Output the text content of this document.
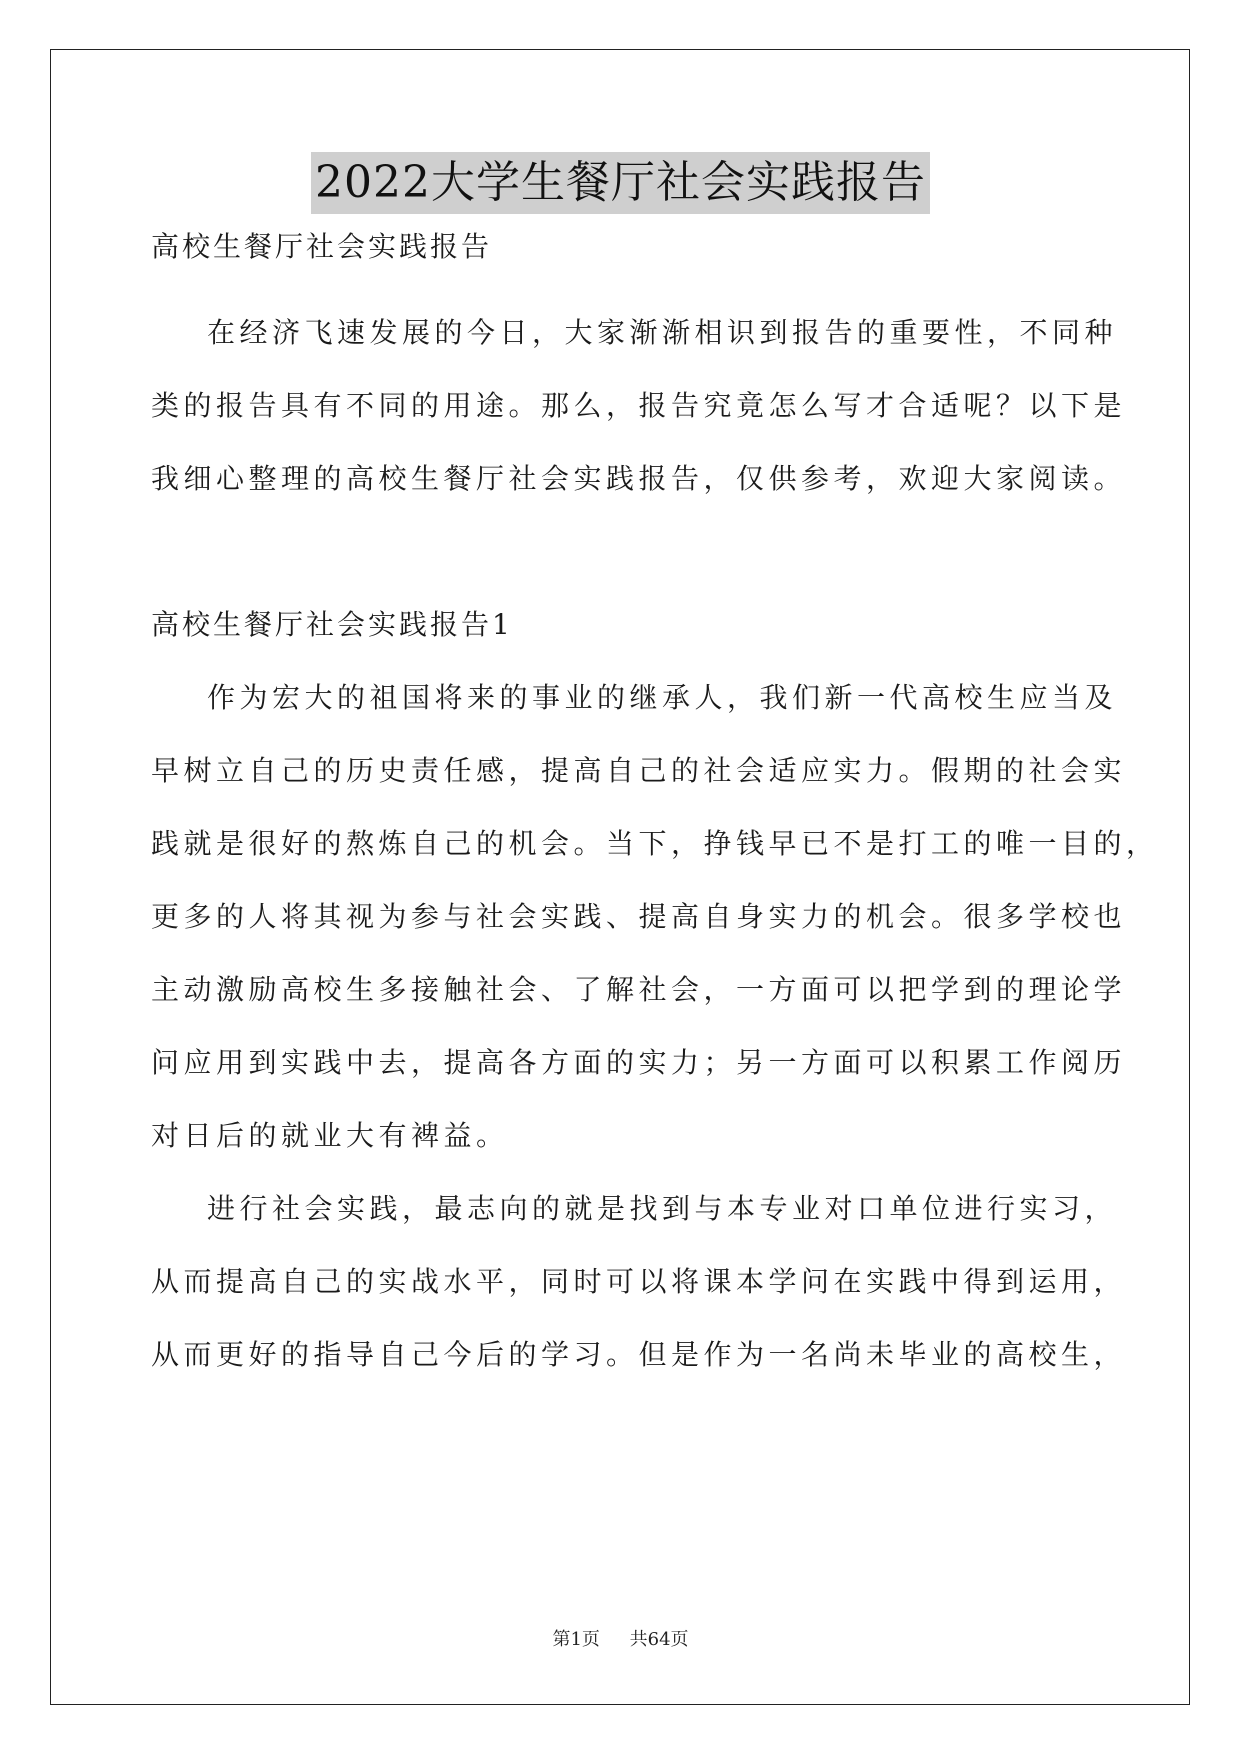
2022大学生餐厅社会实践报告

高校生餐厅社会实践报告

在经济飞速发展的今日，大家渐渐相识到报告的重要性，不同种

类的报告具有不同的用途。那么，报告究竟怎么写才合适呢？以下是

我细心整理的高校生餐厅社会实践报告，仅供参考，欢迎大家阅读。

高校生餐厅社会实践报告1

作为宏大的祖国将来的事业的继承人，我们新一代高校生应当及

早树立自己的历史责任感，提高自己的社会适应实力。假期的社会实

践就是很好的熬炼自己的机会。当下，挣钱早已不是打工的唯一目的，

更多的人将其视为参与社会实践、提高自身实力的机会。很多学校也

主动激励高校生多接触社会、了解社会，一方面可以把学到的理论学

问应用到实践中去，提高各方面的实力；另一方面可以积累工作阅历

对日后的就业大有裨益。

进行社会实践，最志向的就是找到与本专业对口单位进行实习，

从而提高自己的实战水平，同时可以将课本学问在实践中得到运用，

从而更好的指导自己今后的学习。但是作为一名尚未毕业的高校生，

第1页 共64页
